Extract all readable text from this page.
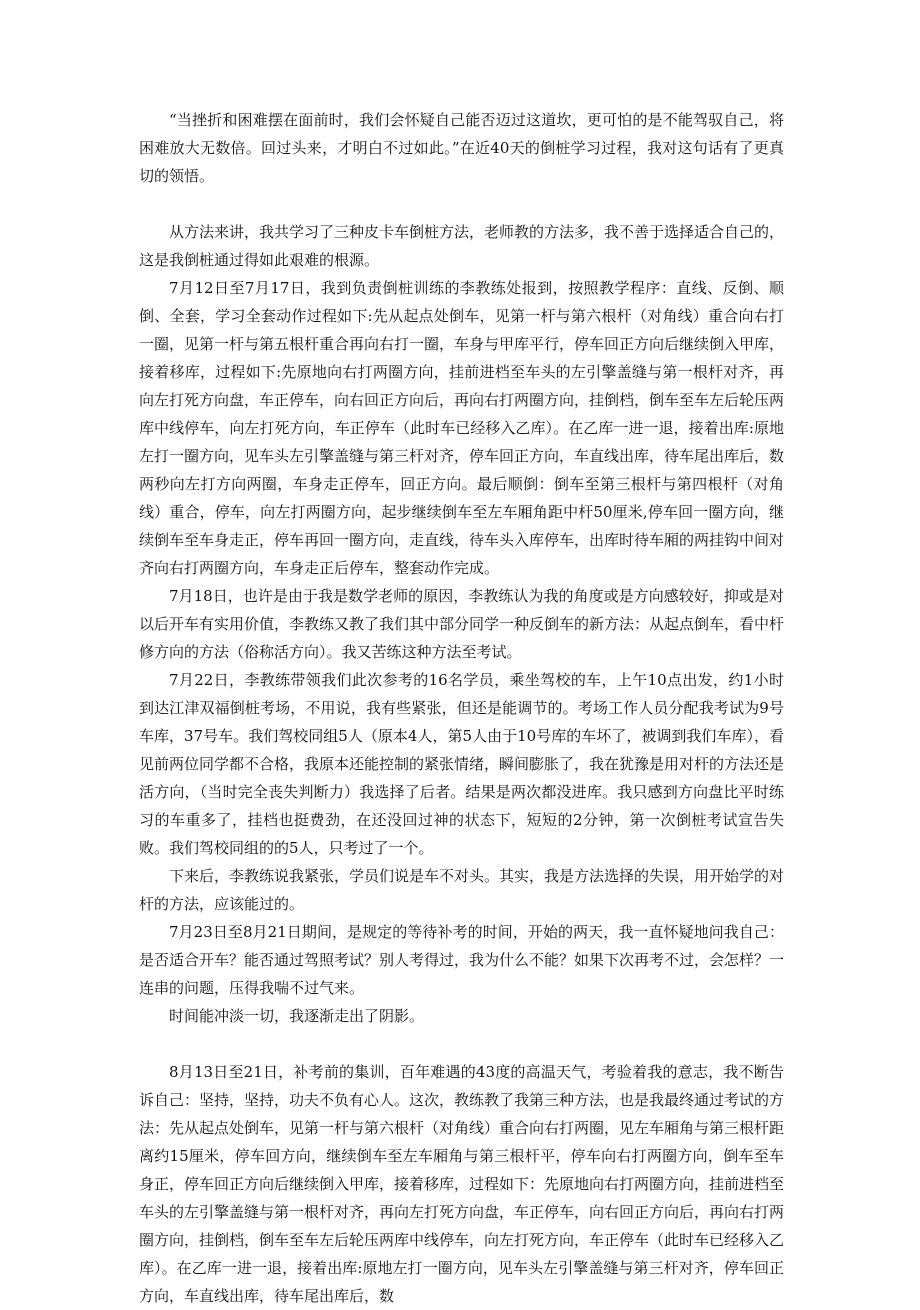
“当挫折和困难摆在面前时，我们会怀疑自己能否迈过这道坎，更可怕的是不能驾驭自己，将困难放大无数倍。回过头来，才明白不过如此。”在近40天的倒桩学习过程，我对这句话有了更真切的领悟。

从方法来讲，我共学习了三种皮卡车倒桩方法，老师教的方法多，我不善于选择适合自己的，这是我倒桩通过得如此艰难的根源。

7月12日至7月17日，我到负责倒桩训练的李教练处报到，按照教学程序：直线、反倒、顺倒、全套，学习全套动作过程如下:先从起点处倒车，见第一杆与第六根杆（对角线）重合向右打一圈，见第一杆与第五根杆重合再向右打一圈，车身与甲库平行，停车回正方向后继续倒入甲库，接着移库，过程如下:先原地向右打两圈方向，挂前进档至车头的左引擎盖缝与第一根杆对齐，再向左打死方向盘，车正停车，向右回正方向后，再向右打两圈方向，挂倒档，倒车至车左后轮压两库中线停车，向左打死方向，车正停车（此时车已经移入乙库）。在乙库一进一退，接着出库:原地左打一圈方向，见车头左引擎盖缝与第三杆对齐，停车回正方向，车直线出库，待车尾出库后，数两秒向左打方向两圈，车身走正停车，回正方向。最后顺倒：倒车至第三根杆与第四根杆（对角线）重合，停车，向左打两圈方向，起步继续倒车至左车厢角距中杆50厘米,停车回一圈方向，继续倒车至车身走正，停车再回一圈方向，走直线，待车头入库停车，出库时待车厢的两挂钩中间对齐向右打两圈方向，车身走正后停车，整套动作完成。

7月18日，也许是由于我是数学老师的原因，李教练认为我的角度或是方向感较好，抑或是对以后开车有实用价值，李教练又教了我们其中部分同学一种反倒车的新方法：从起点倒车，看中杆修方向的方法（俗称活方向）。我又苦练这种方法至考试。

7月22日，李教练带领我们此次参考的16名学员，乘坐驾校的车，上午10点出发，约1小时到达江津双福倒桩考场，不用说，我有些紧张，但还是能调节的。考场工作人员分配我考试为9号车库，37号车。我们驾校同组5人（原本4人，第5人由于10号库的车坏了，被调到我们车库），看见前两位同学都不合格，我原本还能控制的紧张情绪，瞬间膨胀了，我在犹豫是用对杆的方法还是活方向，（当时完全丧失判断力）我选择了后者。结果是两次都没进库。我只感到方向盘比平时练习的车重多了，挂档也挺费劲，在还没回过神的状态下，短短的2分钟，第一次倒桩考试宣告失败。我们驾校同组的的5人，只考过了一个。

下来后，李教练说我紧张，学员们说是车不对头。其实，我是方法选择的失误，用开始学的对杆的方法，应该能过的。

7月23日至8月21日期间，是规定的等待补考的时间，开始的两天，我一直怀疑地问我自己：是否适合开车？能否通过驾照考试？别人考得过，我为什么不能？如果下次再考不过，会怎样？一连串的问题，压得我喘不过气来。

时间能冲淡一切，我逐渐走出了阴影。

8月13日至21日，补考前的集训，百年难遇的43度的高温天气，考验着我的意志，我不断告诉自己：坚持，坚持，功夫不负有心人。这次，教练教了我第三种方法，也是我最终通过考试的方法：先从起点处倒车，见第一杆与第六根杆（对角线）重合向右打两圈，见左车厢角与第三根杆距离约15厘米，停车回方向，继续倒车至左车厢角与第三根杆平，停车向右打两圈方向，倒车至车身正，停车回正方向后继续倒入甲库，接着移库，过程如下：先原地向右打两圈方向，挂前进档至车头的左引擎盖缝与第一根杆对齐，再向左打死方向盘，车正停车，向右回正方向后，再向右打两圈方向，挂倒档，倒车至车左后轮压两库中线停车，向左打死方向，车正停车（此时车已经移入乙库）。在乙库一进一退，接着出库:原地左打一圈方向，见车头左引擎盖缝与第三杆对齐，停车回正方向，车直线出库，待车尾出库后，数
